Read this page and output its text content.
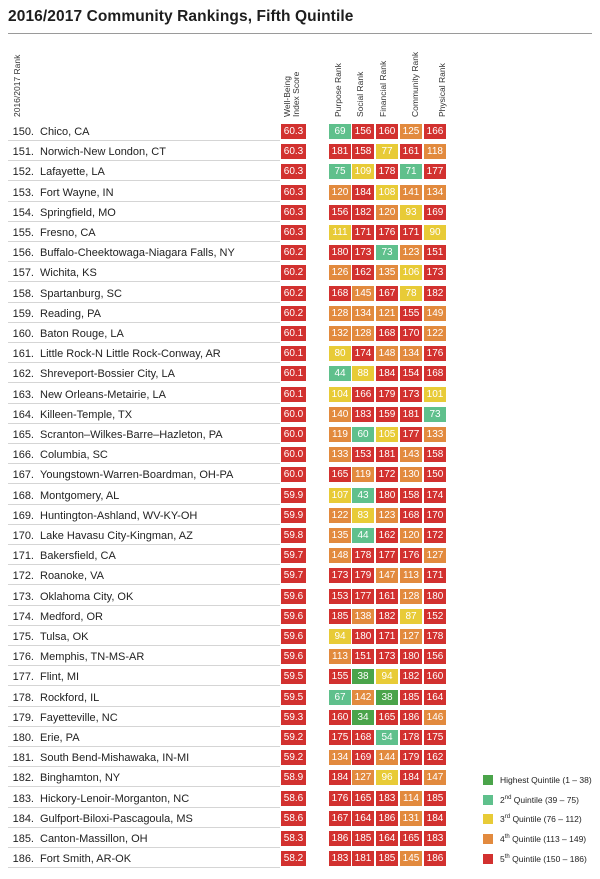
2016/2017 Community Rankings, Fifth Quintile
2016/2017 Rank	Well-Being Index Score	Purpose Rank Social Rank Financial Rank	Community Rank Physical Rank
150. Chico, CA	60.3	69 156 160 125 166
151. Norwich-New London, CT	60.3	181 158	77	161 118
152. Lafayette, LA	60.3	75 109 178	71	177
153. Fort Wayne, IN	60.3	120 184 108 141 134
154. Springfield, MO	60.3	156 182 120	93	169
155. Fresno, CA	60.3	111 171 176 171	90
156. Buffalo-Cheektowaga-Niagara Falls, NY	60.2	180 173	73	123 151
157. Wichita, KS	60.2	126 162 135 106 173
158. Spartanburg, SC	60.2	168 145 167	78	182
159. Reading, PA	60.2	128 134 121 155 149
160. Baton Rouge, LA	60.1	132 128 168 170 122
161. Little Rock-N Little Rock-Conway, AR	60.1	80 174 148 134 176
162. Shreveport-Bossier City, LA	60.1	44	88	184 154 168
163. New Orleans-Metairie, LA	60.1	104 166 179 173 101
164. Killeen-Temple, TX	60.0	140 183 159 181	73
165. Scranton–Wilkes-Barre–Hazleton, PA	60.0	119 60	105 177 133
166. Columbia, SC	60.0	133 153 181 143 158
167. Youngstown-Warren-Boardman, OH-PA	60.0	165 119 172 130 150
168. Montgomery, AL	59.9	107 43	180 158 174
169. Huntington-Ashland, WV-KY-OH	59.9	122 83	123 168 170
170. Lake Havasu City-Kingman, AZ	59.8	135 44	162 120 172
171. Bakersfield, CA	59.7	148 178 177 176 127
172. Roanoke, VA	59.7	173 179 147 113 171
173. Oklahoma City, OK	59.6	153 177 161 128 180
174. Medford, OR	59.6	185 138 182	87	152
175. Tulsa, OK	59.6	94 180 171 127 178
176. Memphis, TN-MS-AR	59.6	113 151 173 180 156
177. Flint, MI	59.5	155 38	94	182 160
178. Rockford, IL	59.5	67 142	38	185 164
179. Fayetteville, NC	59.3	160 34	165 186 146
180. Erie, PA	59.2	175 168	54	178 175
181. South Bend-Mishawaka, IN-MI	59.2	134 169 144 179 162
182. Binghamton, NY	58.9	184 127	96	184 147
183. Hickory-Lenoir-Morganton, NC	58.6	176 165 183 114 185
184. Gulfport-Biloxi-Pascagoula, MS	58.6	167 164 186 131 184
185. Canton-Massillon, OH	58.3	186 185 164 165 183
186. Fort Smith, AR-OK	58.2	183 181 185 145 186
Highest Quintile (1 – 38)
2nd Quintile (39 – 75)
3rd Quintile (76 – 112)
4th Quintile (113 – 149)
5th Quintile (150 – 186)
